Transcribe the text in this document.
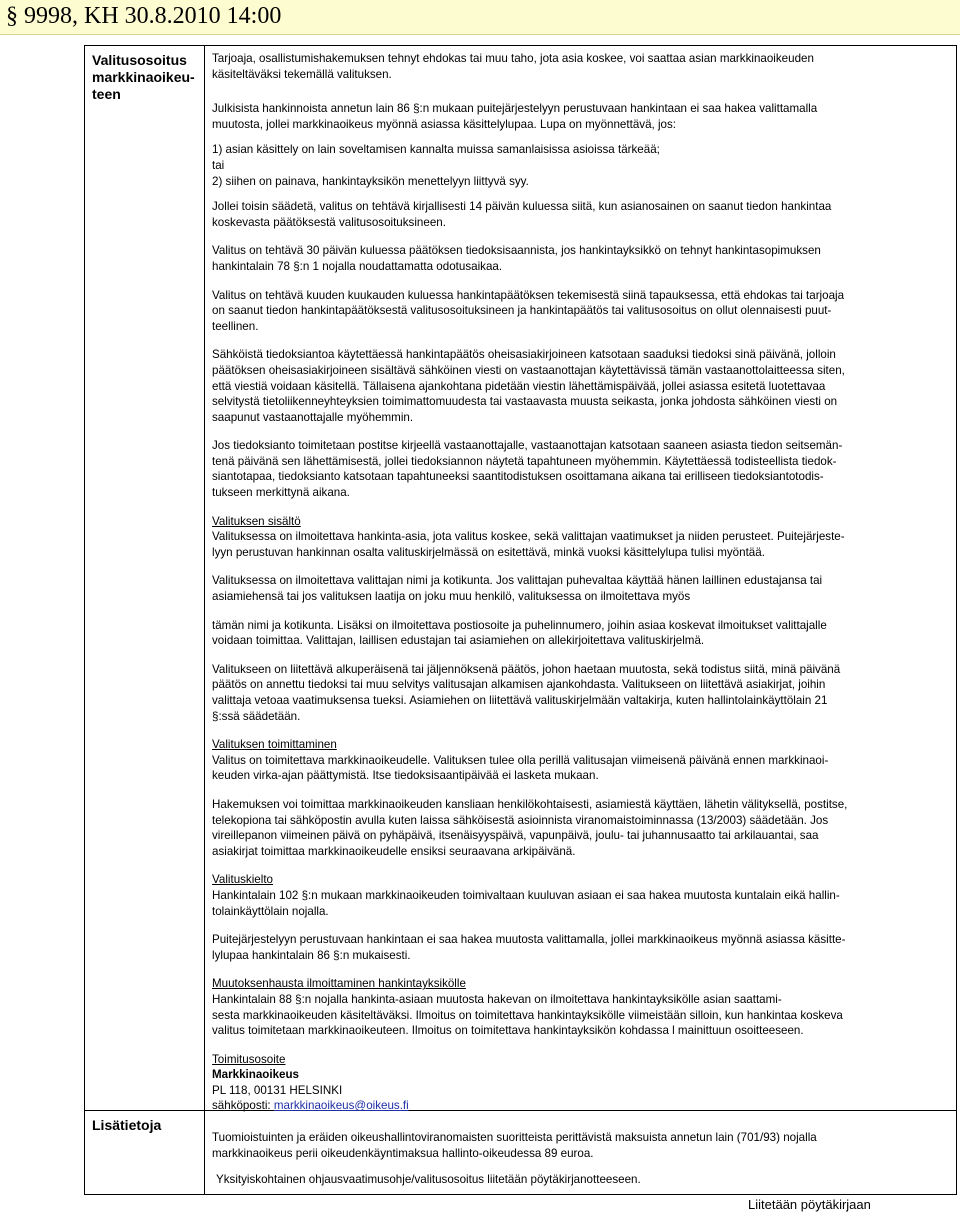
§ 9998, KH 30.8.2010 14:00
Valitusosoitus
markkinaoikeu-
teen
Lisätietoja

Tarjoaja, osallistumishakemuksen tehnyt ehdokas tai muu taho, jota asia koskee, voi saattaa asian markkinaoikeuden
käsiteltäväksi tekemällä valituksen.

Julkisista hankinnoista annetun lain 86 §:n mukaan puitejärjestelyyn perustuvaan hankintaan ei saa hakea valittamalla
muutosta, jollei markkinaoikeus myönnä asiassa käsittelylupaa. Lupa on myönnettävä, jos:

1) asian käsittely on lain soveltamisen kannalta muissa samanlaisissa asioissa tärkeää;
tai
2) siihen on painava, hankintayksikön menettelyyn liittyvä syy.

Jollei toisin säädetä, valitus on tehtävä kirjallisesti 14 päivän kuluessa siitä, kun asianosainen on saanut tiedon hankintaa
koskevasta päätöksestä valitusosoituksineen.

Valitus on tehtävä 30 päivän kuluessa päätöksen tiedoksisaannista, jos hankintayksikkö on tehnyt hankintasopimuksen
hankintalain 78 §:n 1 nojalla noudattamatta odotusaikaa.

Valitus on tehtävä kuuden kuukauden kuluessa hankintapäätöksen tekemisestä siinä tapauksessa, että ehdokas tai tarjoaja
on saanut tiedon hankintapäätöksestä valitusosoituksineen ja hankintapäätös tai valitusosoitus on ollut olennaisesti puut-
teellinen.

Sähköistä tiedoksiantoa käytettäessä hankintapäätös oheisasiakirjoineen katsotaan saaduksi tiedoksi sinä päivänä, jolloin
päätöksen oheisasiakirjoineen sisältävä sähköinen viesti on vastaanottajan käytettävissä tämän vastaanottolaitteessa siten,
että viestiä voidaan käsitellä. Tällaisena ajankohtana pidetään viestin lähettämispäivää, jollei asiassa esitetä luotettavaa
selvitystä tietoliikenneyhteyksien toimimattomuudesta tai vastaavasta muusta seikasta, jonka johdosta sähköinen viesti on
saapunut vastaanottajalle myöhemmin.

Jos tiedoksianto toimitetaan postitse kirjeellä vastaanottajalle, vastaanottajan katsotaan saaneen asiasta tiedon seitsemän-
tenä päivänä sen lähettämisestä, jollei tiedoksiannon näytetä tapahtuneen myöhemmin. Käytettäessä todisteellista tiedok-
siantotapaa, tiedoksianto katsotaan tapahtuneeksi saantitodistuksen osoittamana aikana tai erilliseen tiedoksiantotodis-
tukseen merkittynä aikana.

Valituksen sisältö
Valituksessa on ilmoitettava hankinta-asia, jota valitus koskee, sekä valittajan vaatimukset ja niiden perusteet. Puitejärjeste-
lyyn perustuvan hankinnan osalta valituskirjelmässä on esitettävä, minkä vuoksi käsittelylupa tulisi myöntää.

Valituksessa on ilmoitettava valittajan nimi ja kotikunta. Jos valittajan puhevaltaa käyttää hänen laillinen edustajansa tai
asiamiehensä tai jos valituksen laatija on joku muu henkilö, valituksessa on ilmoitettava myös

tämän nimi ja kotikunta. Lisäksi on ilmoitettava postiosoite ja puhelinnumero, joihin asiaa koskevat ilmoitukset valittajalle
voidaan toimittaa. Valittajan, laillisen edustajan tai asiamiehen on allekirjoitettava valituskirjelmä.

Valitukseen on liitettävä alkuperäisenä tai jäljennöksenä päätös, johon haetaan muutosta, sekä todistus siitä, minä päivänä
päätös on annettu tiedoksi tai muu selvitys valitusajan alkamisen ajankohdasta. Valitukseen on liitettävä asiakirjat, joihin
valittaja vetoaa vaatimuksensa tueksi. Asiamiehen on liitettävä valituskirjelmään valtakirja, kuten hallintolainkäyttölain 21
§:ssä säädetään.

Valituksen toimittaminen
Valitus on toimitettava markkinaoikeudelle. Valituksen tulee olla perillä valitusajan viimeisenä päivänä ennen markkinaoi-
keuden virka-ajan päättymistä. Itse tiedoksisaantipäivää ei lasketa mukaan.

Hakemuksen voi toimittaa markkinaoikeuden kansliaan henkilökohtaisesti, asiamiestä käyttäen, lähetin välityksellä, postitse,
telekopiona tai sähköpostin avulla kuten laissa sähköisestä asioinnista viranomaistoiminnassa (13/2003) säädetään. Jos
vireillepanon viimeinen päivä on pyhäpäivä, itsenäisyyspäivä, vapunpäivä, joulu- tai juhannusaatto tai arkilauantai, saa
asiakirjat toimittaa markkinaoikeudelle ensiksi seuraavana arkipäivänä.

Valituskielto
Hankintalain 102 §:n mukaan markkinaoikeuden toimivaltaan kuuluvan asiaan ei saa hakea muutosta kuntalain eikä hallin-
tolainkäyttölain nojalla.

Puitejärjestelyyn perustuvaan hankintaan ei saa hakea muutosta valittamalla, jollei markkinaoikeus myönnä asiassa käsitte-
lylupaa hankintalain 86 §:n mukaisesti.

Muutoksenhausta ilmoittaminen hankintayksikölle
Hankintalain 88 §:n nojalla hankinta-asiaan muutosta hakevan on ilmoitettava hankintayksikölle asian saattami-
sesta markkinaoikeuden käsiteltäväksi. Ilmoitus on toimitettava hankintayksikölle viimeistään silloin, kun hankintaa koskeva
valitus toimitetaan markkinaoikeuteen. Ilmoitus on toimitettava hankintayksikön kohdassa l mainittuun osoitteeseen.

Toimitusosoite
Markkinaoikeus
PL 118, 00131 HELSINKI
sähköposti: markkinaoikeus@oikeus.fi

Tuomioistuinten ja eräiden oikeushallintoviranomaisten suoritteista perittävistä maksuista annetun lain (701/93) nojalla
markkinaoikeus perii oikeudenkäyntimaksua hallinto-oikeudessa 89 euroa.
Yksityiskohtainen ohjausvaatimusohje/valitusosoitus liitetään pöytäkirjanotteeseen.
Liitetään pöytäkirjaan
